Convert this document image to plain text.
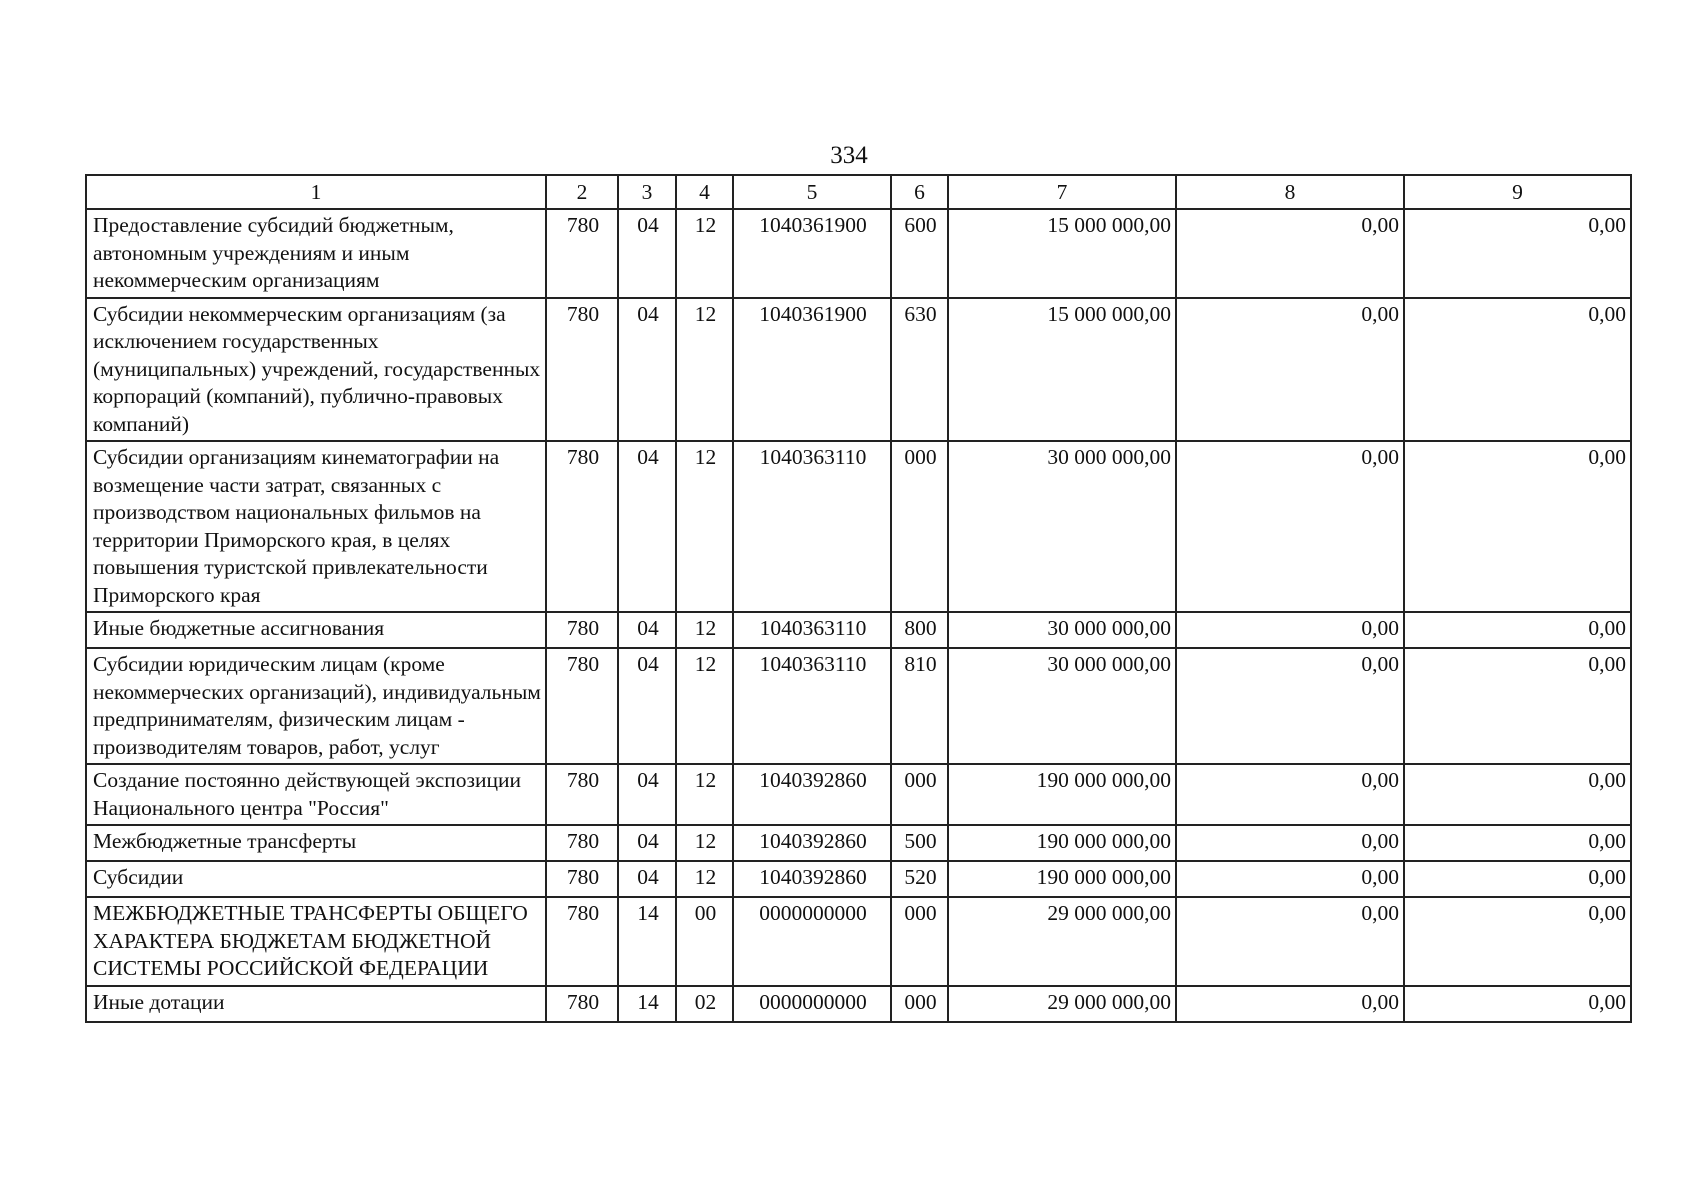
334
1	2	3	4	5	6	7	8	9
Предоставление субсидий бюджетным, автономным учреждениям и иным некоммерческим организациям	780	04	12	1040361900	600	15 000 000,00	0,00	0,00
Субсидии некоммерческим организациям (за исключением государственных (муниципальных) учреждений, государственных корпораций (компаний), публично-правовых компаний)	780	04	12	1040361900	630	15 000 000,00	0,00	0,00
Субсидии организациям кинематографии на возмещение части затрат, связанных с производством национальных фильмов на территории Приморского края, в целях повышения туристской привлекательности Приморского края	780	04	12	1040363110	000	30 000 000,00	0,00	0,00
Иные бюджетные ассигнования	780	04	12	1040363110	800	30 000 000,00	0,00	0,00
Субсидии юридическим лицам (кроме некоммерческих организаций), индивидуальным предпринимателям, физическим лицам - производителям товаров, работ, услуг	780	04	12	1040363110	810	30 000 000,00	0,00	0,00
Создание постоянно действующей экспозиции Национального центра "Россия"	780	04	12	1040392860	000	190 000 000,00	0,00	0,00
Межбюджетные трансферты	780	04	12	1040392860	500	190 000 000,00	0,00	0,00
Субсидии	780	04	12	1040392860	520	190 000 000,00	0,00	0,00
МЕЖБЮДЖЕТНЫЕ ТРАНСФЕРТЫ ОБЩЕГО ХАРАКТЕРА БЮДЖЕТАМ БЮДЖЕТНОЙ СИСТЕМЫ РОССИЙСКОЙ ФЕДЕРАЦИИ	780	14	00	0000000000	000	29 000 000,00	0,00	0,00
Иные дотации	780	14	02	0000000000	000	29 000 000,00	0,00	0,00
